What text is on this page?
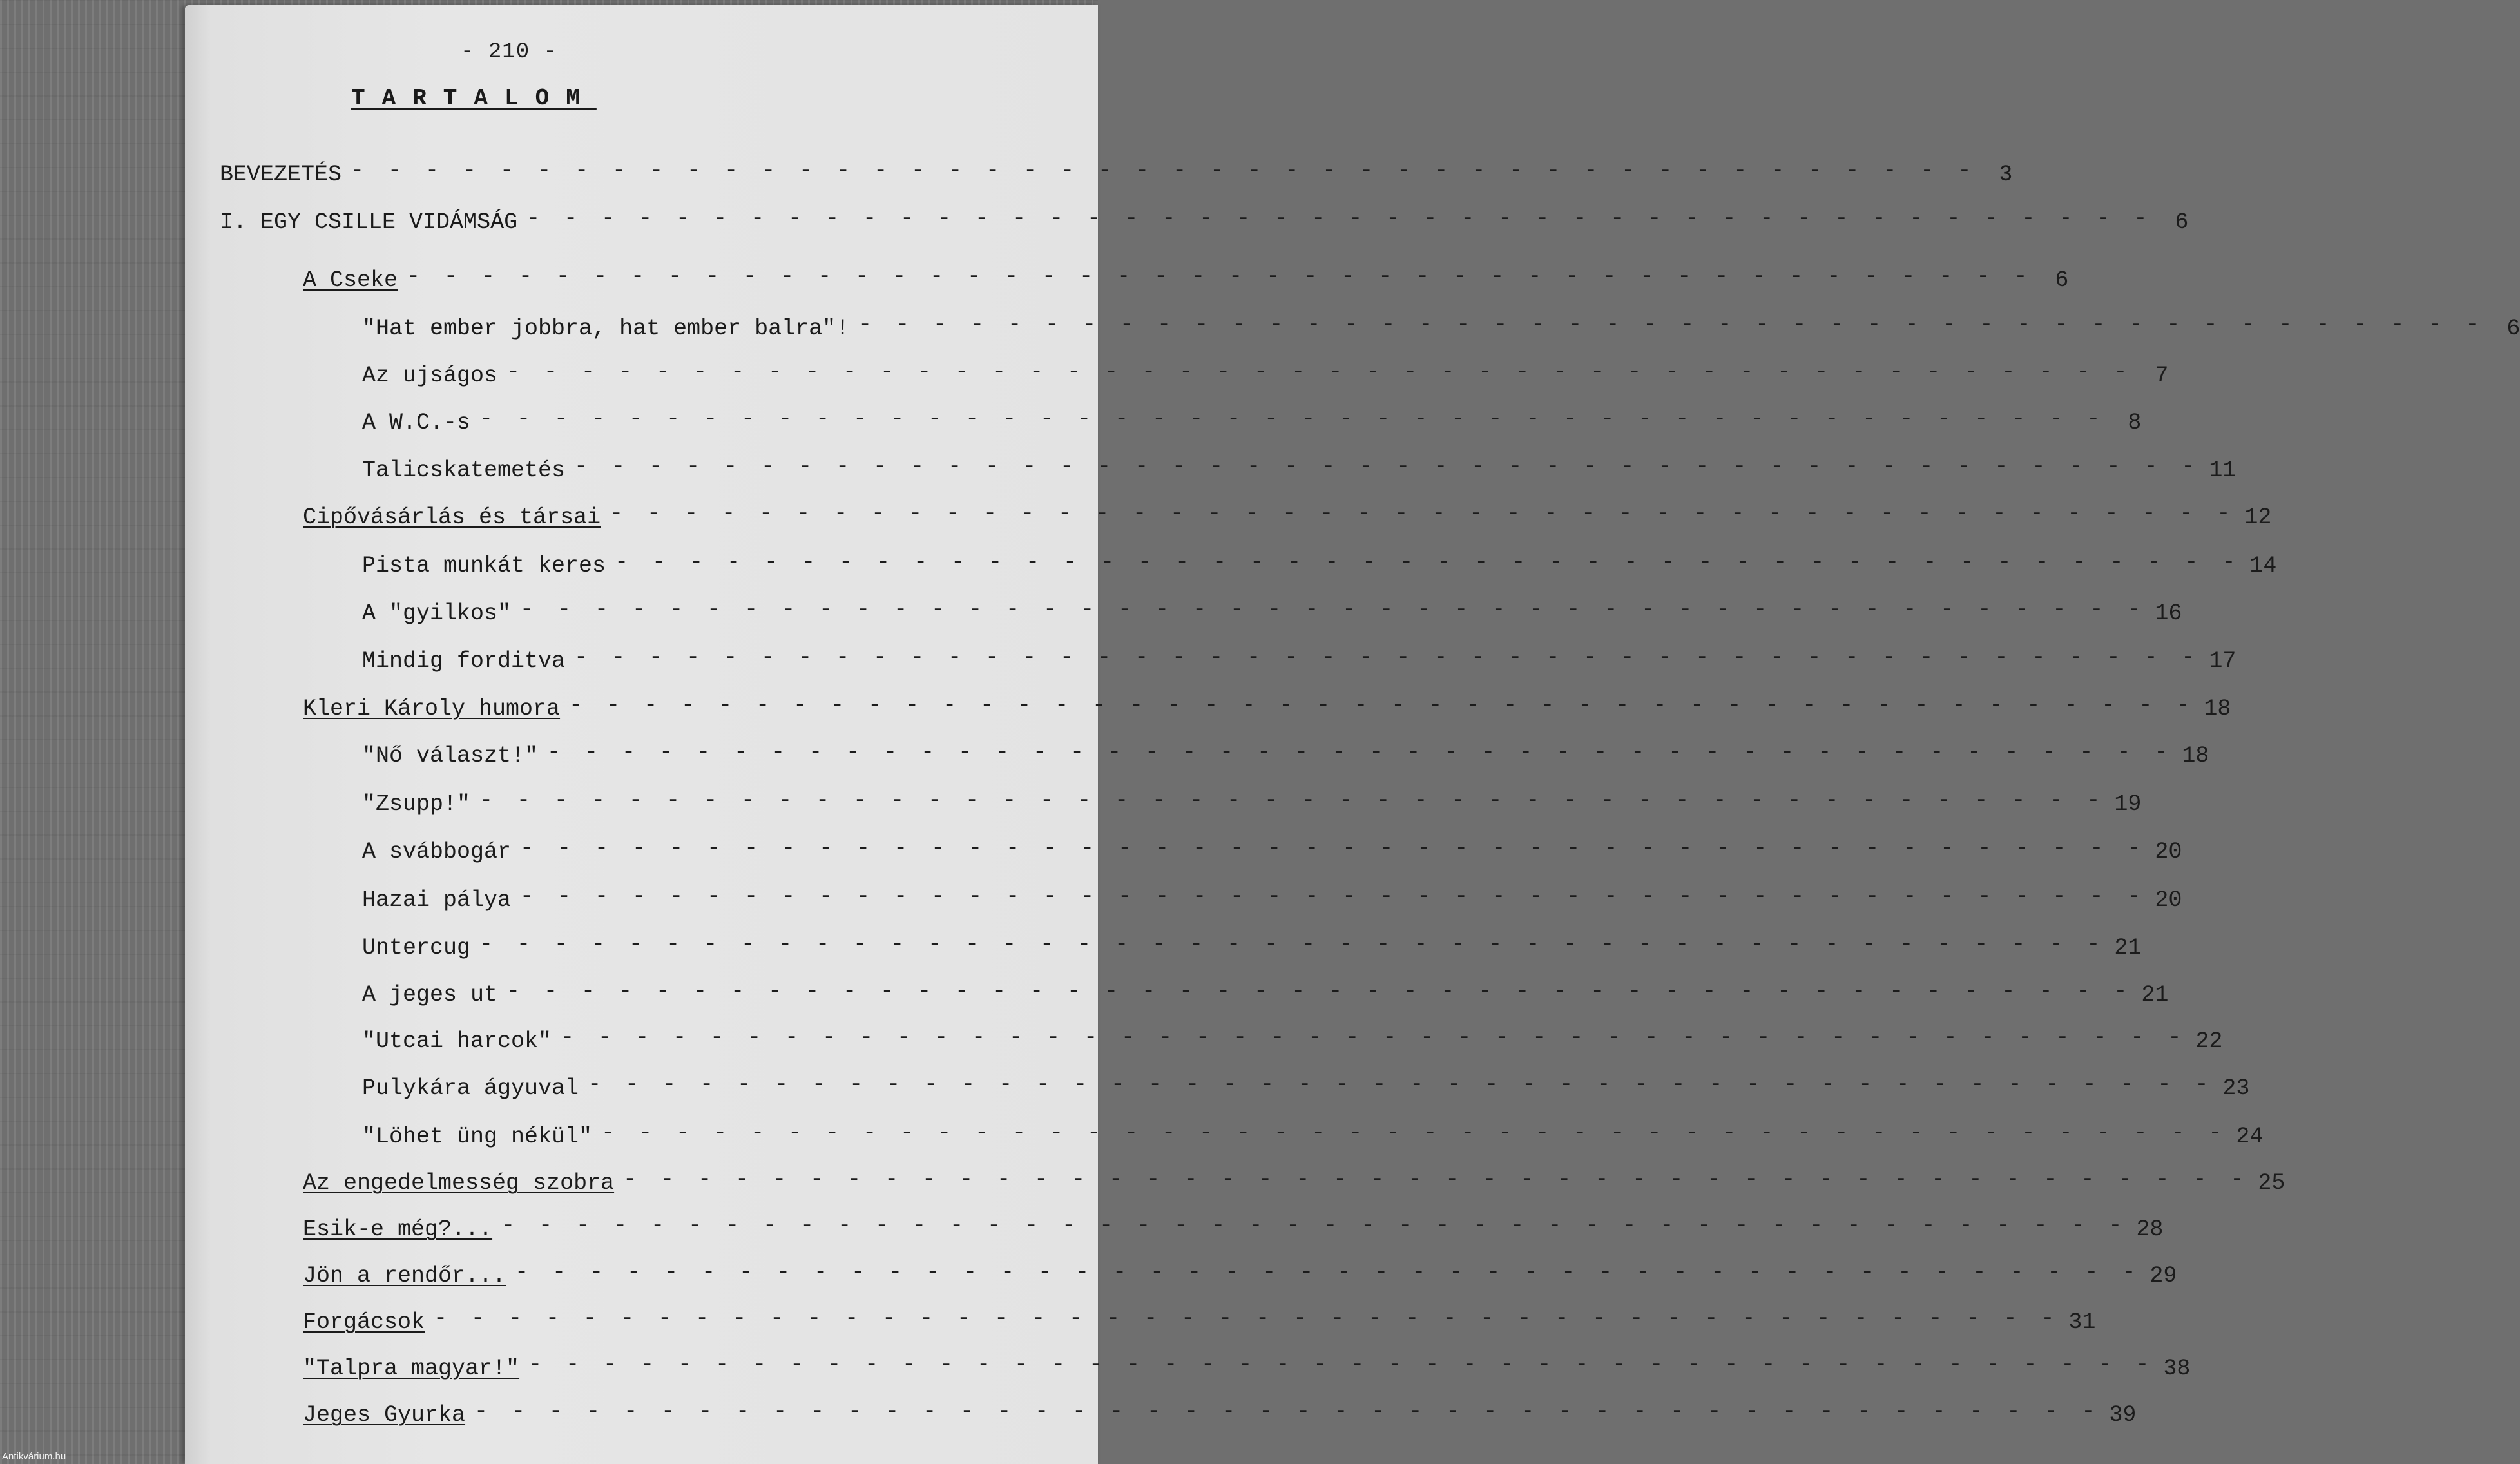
- 210 -
TARTALOM
BEVEZETÉS - - - - - - - - - - - - - - - - - - - - - - - - - - - - - - - - - - - - - - - - - - - - 3
I. EGY CSILLE VIDÁMSÁG - - - - - - - - - - - - - - - - - - - - - - - - - - - - - - - - - - - - - - - - - - - - 6
A Cseke - - - - - - - - - - - - - - - - - - - - - - - - - - - - - - - - - - - - - - - - - - - - 6
"Hat ember jobbra, hat ember balra"! - - - - - - - - - - - - - - - - - - - - - - - - - - - - - - - - - - - - - - - - - - - - 6
Az ujságos - - - - - - - - - - - - - - - - - - - - - - - - - - - - - - - - - - - - - - - - - - - - 7
A W.C.-s - - - - - - - - - - - - - - - - - - - - - - - - - - - - - - - - - - - - - - - - - - - - 8
Talicskatemetés - - - - - - - - - - - - - - - - - - - - - - - - - - - - - - - - - - - - - - - - - - - - 11
Cipővásárlás és társai - - - - - - - - - - - - - - - - - - - - - - - - - - - - - - - - - - - - - - - - - - - - 12
Pista munkát keres - - - - - - - - - - - - - - - - - - - - - - - - - - - - - - - - - - - - - - - - - - - - 14
A "gyilkos" - - - - - - - - - - - - - - - - - - - - - - - - - - - - - - - - - - - - - - - - - - - - 16
Mindig forditva - - - - - - - - - - - - - - - - - - - - - - - - - - - - - - - - - - - - - - - - - - - - 17
Kleri Károly humora - - - - - - - - - - - - - - - - - - - - - - - - - - - - - - - - - - - - - - - - - - - - 18
"Nő választ!" - - - - - - - - - - - - - - - - - - - - - - - - - - - - - - - - - - - - - - - - - - - - 18
"Zsupp!" - - - - - - - - - - - - - - - - - - - - - - - - - - - - - - - - - - - - - - - - - - - - 19
A svábbogár - - - - - - - - - - - - - - - - - - - - - - - - - - - - - - - - - - - - - - - - - - - - 20
Hazai pálya - - - - - - - - - - - - - - - - - - - - - - - - - - - - - - - - - - - - - - - - - - - - 20
Untercug - - - - - - - - - - - - - - - - - - - - - - - - - - - - - - - - - - - - - - - - - - - - 21
A jeges ut - - - - - - - - - - - - - - - - - - - - - - - - - - - - - - - - - - - - - - - - - - - - 21
"Utcai harcok" - - - - - - - - - - - - - - - - - - - - - - - - - - - - - - - - - - - - - - - - - - - - 22
Pulykára ágyuval - - - - - - - - - - - - - - - - - - - - - - - - - - - - - - - - - - - - - - - - - - - - 23
"Löhet üng nékül" - - - - - - - - - - - - - - - - - - - - - - - - - - - - - - - - - - - - - - - - - - - - 24
Az engedelmesség szobra - - - - - - - - - - - - - - - - - - - - - - - - - - - - - - - - - - - - - - - - - - - - 25
Esik-e még?... - - - - - - - - - - - - - - - - - - - - - - - - - - - - - - - - - - - - - - - - - - - - 28
Jön a rendőr... - - - - - - - - - - - - - - - - - - - - - - - - - - - - - - - - - - - - - - - - - - - - 29
Forgácsok - - - - - - - - - - - - - - - - - - - - - - - - - - - - - - - - - - - - - - - - - - - - 31
"Talpra magyar!" - - - - - - - - - - - - - - - - - - - - - - - - - - - - - - - - - - - - - - - - - - - - 38
Jeges Gyurka - - - - - - - - - - - - - - - - - - - - - - - - - - - - - - - - - - - - - - - - - - - - 39
Antikvárium.hu
